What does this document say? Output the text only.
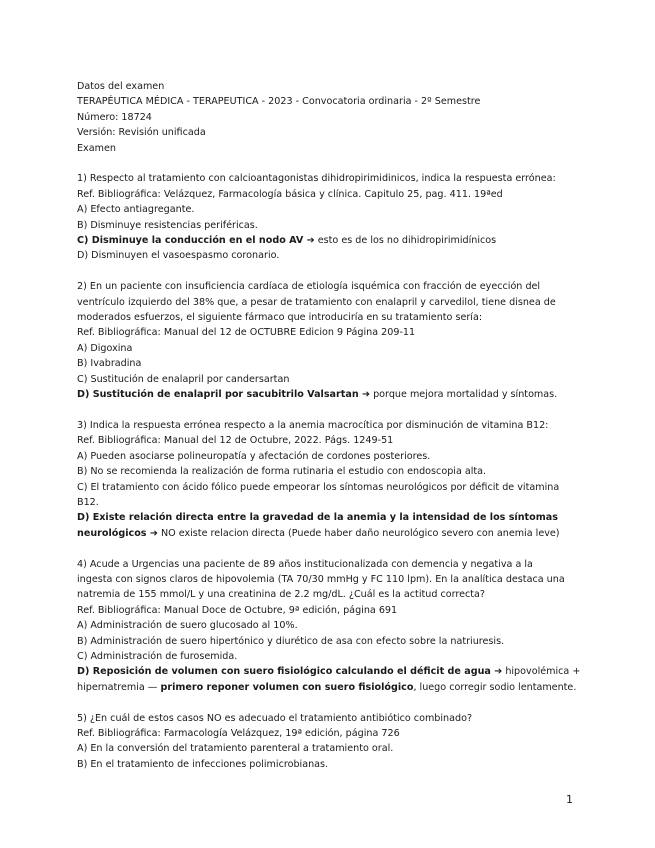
Datos del examen
TERAPÉUTICA MÉDICA - TERAPEUTICA - 2023 - Convocatoria ordinaria - 2º Semestre
Número: 18724
Versión: Revisión unificada
Examen
1) Respecto al tratamiento con calcioantagonistas dihidropirimidinicos, indica la respuesta errónea:
Ref. Bibliográfica: Velázquez, Farmacología básica y clínica. Capitulo 25, pag. 411. 19ªed
A) Efecto antiagregante.
B) Disminuye resistencias periféricas.
C) Disminuye la conducción en el nodo AV ➔ esto es de los no dihidropirimidínicos
D) Disminuyen el vasoespasmo coronario.
2) En un paciente con insuficiencia cardíaca de etiología isquémica con fracción de eyección del
ventrículo izquierdo del 38% que, a pesar de tratamiento con enalapril y carvedilol, tiene disnea de
moderados esfuerzos, el siguiente fármaco que introduciría en su tratamiento sería:
Ref. Bibliográfica: Manual del 12 de OCTUBRE Edicion 9 Página 209-11
A) Digoxina
B) Ivabradina
C) Sustitución de enalapril por candersartan
D) Sustitución de enalapril por sacubitrilo Valsartan ➔ porque mejora mortalidad y síntomas.
3) Indica la respuesta errónea respecto a la anemia macrocítica por disminución de vitamina B12:
Ref. Bibliográfica: Manual del 12 de Octubre, 2022. Págs. 1249-51
A) Pueden asociarse polineuropatía y afectación de cordones posteriores.
B) No se recomienda la realización de forma rutinaria el estudio con endoscopia alta.
C) El tratamiento con ácido fólico puede empeorar los síntomas neurológicos por déficit de vitamina
B12.
D) Existe relación directa entre la gravedad de la anemia y la intensidad de los síntomas
neurológicos ➔ NO existe relacion directa (Puede haber daño neurológico severo con anemia leve)
4) Acude a Urgencias una paciente de 89 años institucionalizada con demencia y negativa a la
ingesta con signos claros de hipovolemia (TA 70/30 mmHg y FC 110 lpm). En la analítica destaca una
natremia de 155 mmol/L y una creatinina de 2.2 mg/dL. ¿Cuál es la actitud correcta?
Ref. Bibliográfica: Manual Doce de Octubre, 9ª edición, página 691
A) Administración de suero glucosado al 10%.
B) Administración de suero hipertónico y diurético de asa con efecto sobre la natriuresis.
C) Administración de furosemida.
D) Reposición de volumen con suero fisiológico calculando el déficit de agua ➔ hipovolémica +
hipernatremia — primero reponer volumen con suero fisiológico, luego corregir sodio lentamente.
5) ¿En cuál de estos casos NO es adecuado el tratamiento antibiótico combinado?
Ref. Bibliográfica: Farmacología Velázquez, 19ª edición, página 726
A) En la conversión del tratamiento parenteral a tratamiento oral.
B) En el tratamiento de infecciones polimicrobianas.
1
